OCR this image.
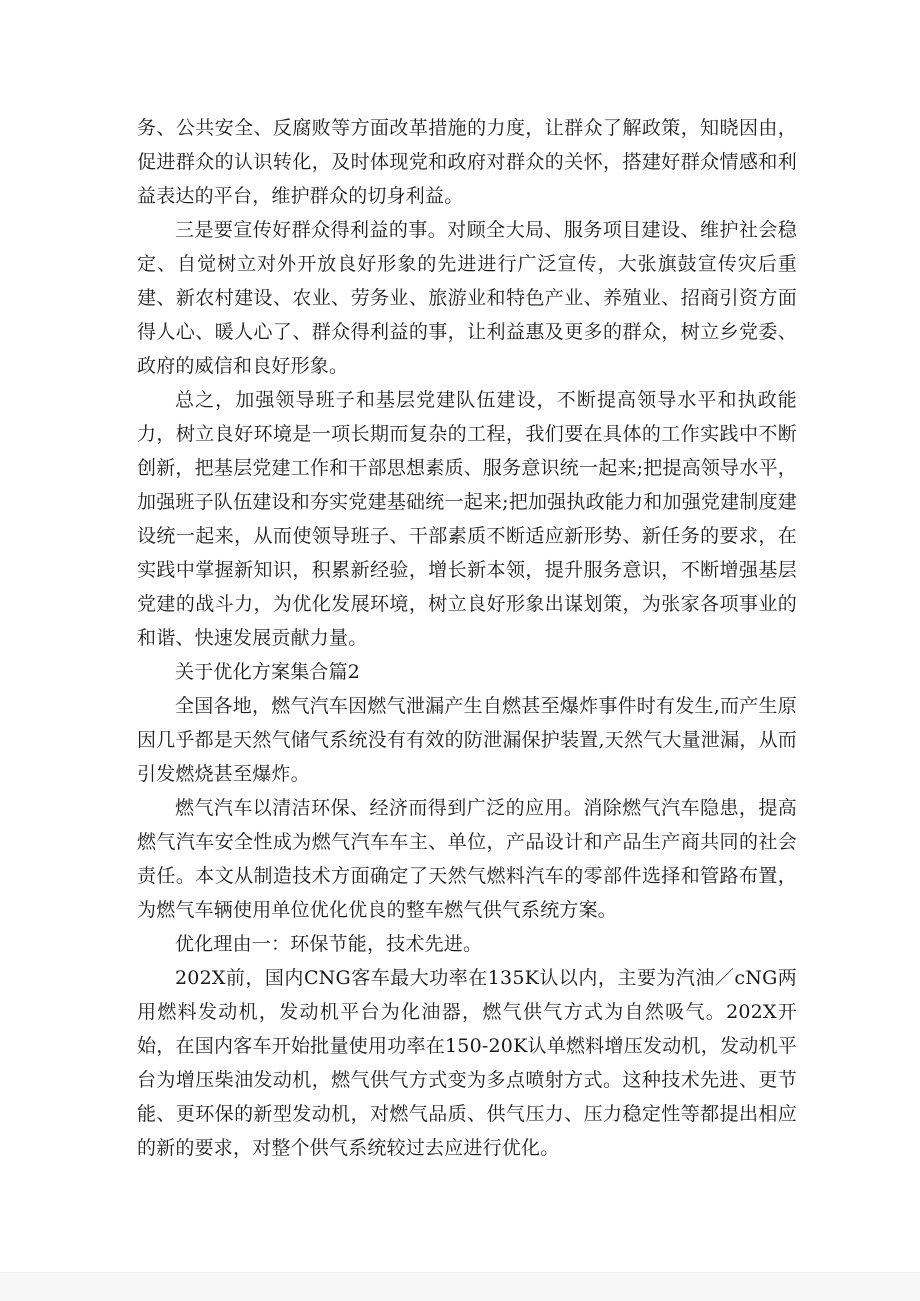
务、公共安全、反腐败等方面改革措施的力度，让群众了解政策，知晓因由，促进群众的认识转化，及时体现党和政府对群众的关怀，搭建好群众情感和利益表达的平台，维护群众的切身利益。

三是要宣传好群众得利益的事。对顾全大局、服务项目建设、维护社会稳定、自觉树立对外开放良好形象的先进进行广泛宣传，大张旗鼓宣传灾后重建、新农村建设、农业、劳务业、旅游业和特色产业、养殖业、招商引资方面得人心、暖人心了、群众得利益的事，让利益惠及更多的群众，树立乡党委、政府的威信和良好形象。

总之，加强领导班子和基层党建队伍建设，不断提高领导水平和执政能力，树立良好环境是一项长期而复杂的工程，我们要在具体的工作实践中不断创新，把基层党建工作和干部思想素质、服务意识统一起来;把提高领导水平，加强班子队伍建设和夯实党建基础统一起来;把加强执政能力和加强党建制度建设统一起来，从而使领导班子、干部素质不断适应新形势、新任务的要求，在实践中掌握新知识，积累新经验，增长新本领，提升服务意识，不断增强基层党建的战斗力，为优化发展环境，树立良好形象出谋划策，为张家各项事业的和谐、快速发展贡献力量。

关于优化方案集合篇2

全国各地，燃气汽车因燃气泄漏产生自燃甚至爆炸事件时有发生,而产生原因几乎都是天然气储气系统没有有效的防泄漏保护装置,天然气大量泄漏，从而引发燃烧甚至爆炸。

燃气汽车以清洁环保、经济而得到广泛的应用。消除燃气汽车隐患，提高燃气汽车安全性成为燃气汽车车主、单位，产品设计和产品生产商共同的社会责任。本文从制造技术方面确定了天然气燃料汽车的零部件选择和管路布置，为燃气车辆使用单位优化优良的整车燃气供气系统方案。

优化理由一：环保节能，技术先进。

202X前，国内CNG客车最大功率在135K认以内，主要为汽油／cNG两用燃料发动机，发动机平台为化油器，燃气供气方式为自然吸气。202X开始，在国内客车开始批量使用功率在150-20K认单燃料增压发动机，发动机平台为增压柴油发动机，燃气供气方式变为多点喷射方式。这种技术先进、更节能、更环保的新型发动机，对燃气品质、供气压力、压力稳定性等都提出相应的新的要求，对整个供气系统较过去应进行优化。
